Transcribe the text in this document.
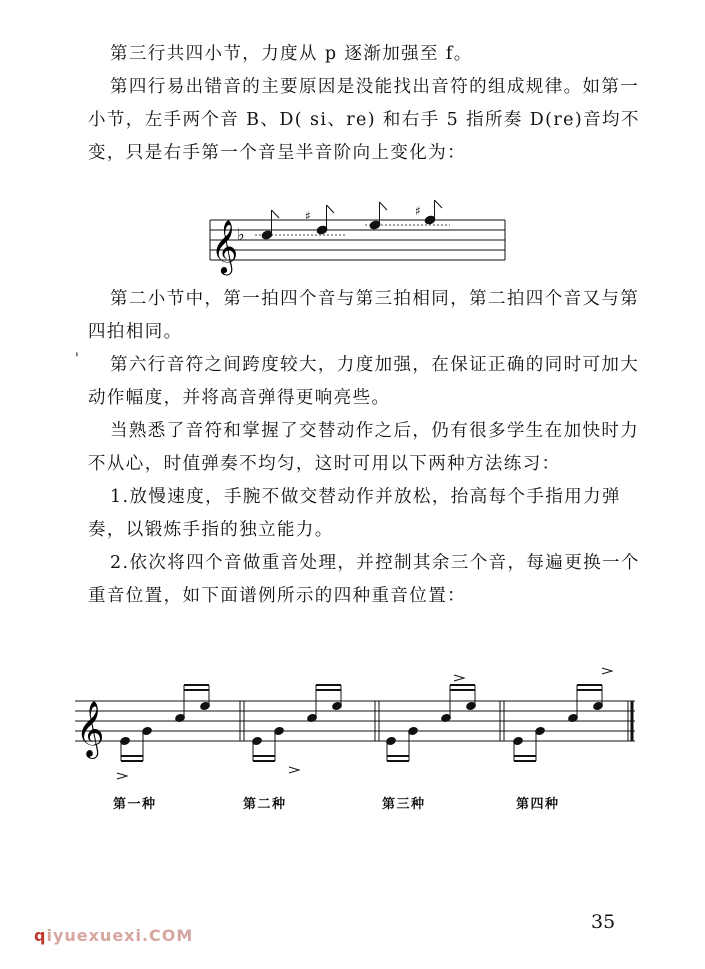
第三行共四小节，力度从 p 逐渐加强至 f。

第四行易出错音的主要原因是没能找出音符的组成规律。如第一小节，左手两个音 B、D( si、re) 和右手 5 指所奏 D(re)音均不变，只是右手第一个音呈半音阶向上变化为：

𝄞
♭
♯	♯

第二小节中，第一拍四个音与第三拍相同，第二拍四个音又与第四拍相同。

'	第六行音符之间跨度较大，力度加强，在保证正确的同时可加大动作幅度，并将高音弹得更响亮些。

当熟悉了音符和掌握了交替动作之后，仍有很多学生在加快时力不从心，时值弹奏不均匀，这时可用以下两种方法练习：

1.放慢速度，手腕不做交替动作并放松，抬高每个手指用力弹奏，以锻炼手指的独立能力。

2.依次将四个音做重音处理，并控制其余三个音，每遍更换一个重音位置，如下面谱例所示的四种重音位置：

𝄞
第一种	第二种	第三种	第四种
35
qiyuexuexi.COM
